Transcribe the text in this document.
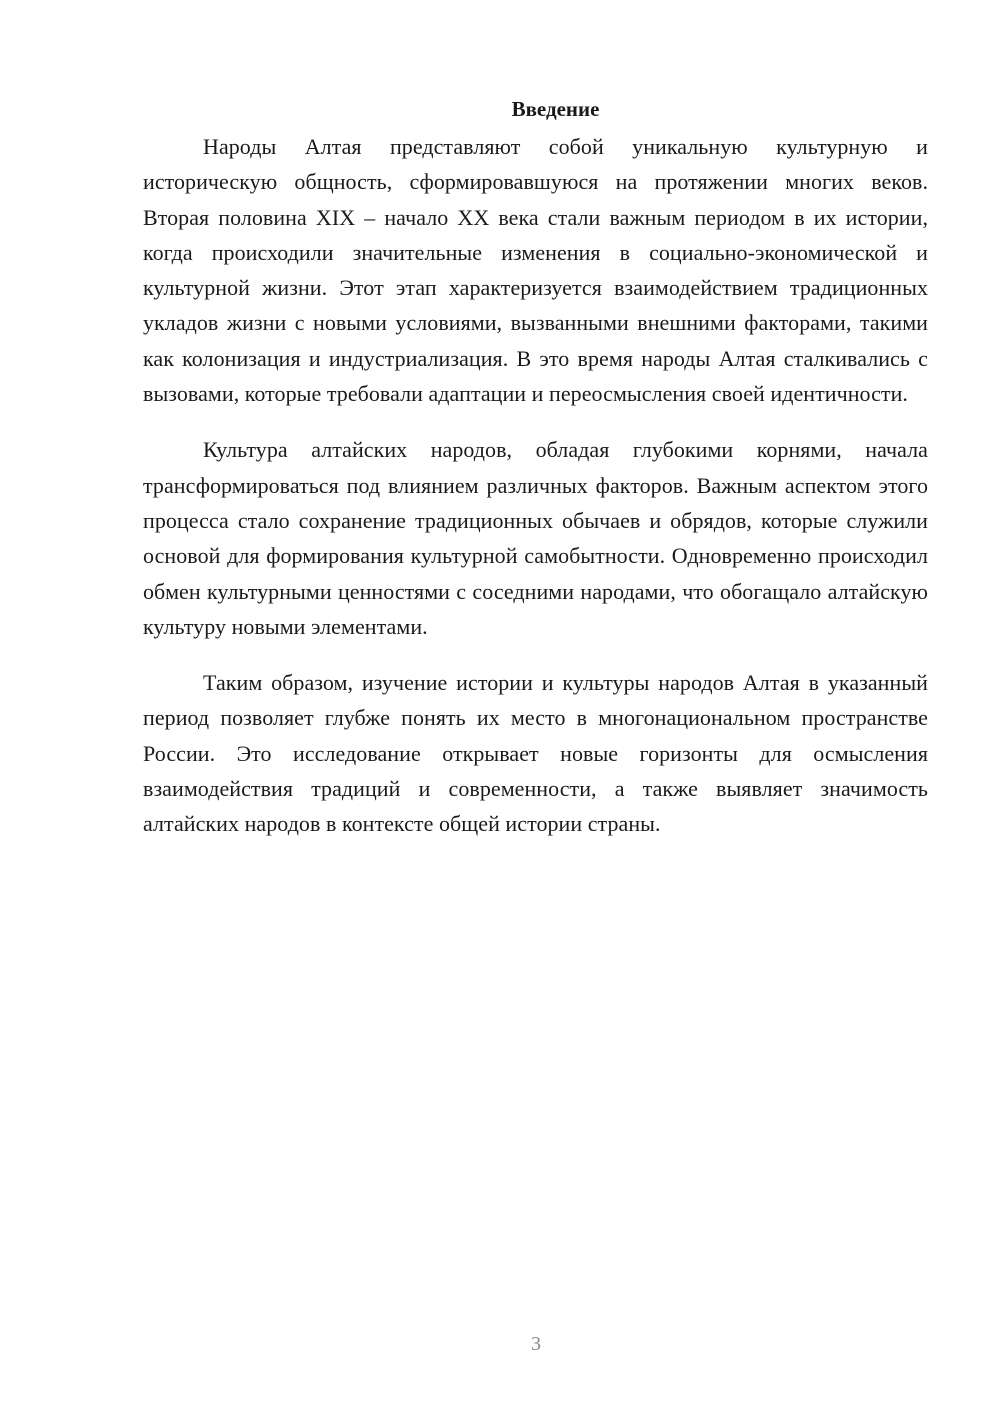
Введение

Народы Алтая представляют собой уникальную культурную и историческую общность, сформировавшуюся на протяжении многих веков. Вторая половина XIX – начало XX века стали важным периодом в их истории, когда происходили значительные изменения в социально-экономической и культурной жизни. Этот этап характеризуется взаимодействием традиционных укладов жизни с новыми условиями, вызванными внешними факторами, такими как колонизация и индустриализация. В это время народы Алтая сталкивались с вызовами, которые требовали адаптации и переосмысления своей идентичности.

Культура алтайских народов, обладая глубокими корнями, начала трансформироваться под влиянием различных факторов. Важным аспектом этого процесса стало сохранение традиционных обычаев и обрядов, которые служили основой для формирования культурной самобытности. Одновременно происходил обмен культурными ценностями с соседними народами, что обогащало алтайскую культуру новыми элементами.

Таким образом, изучение истории и культуры народов Алтая в указанный период позволяет глубже понять их место в многонациональном пространстве России. Это исследование открывает новые горизонты для осмысления взаимодействия традиций и современности, а также выявляет значимость алтайских народов в контексте общей истории страны.

3
